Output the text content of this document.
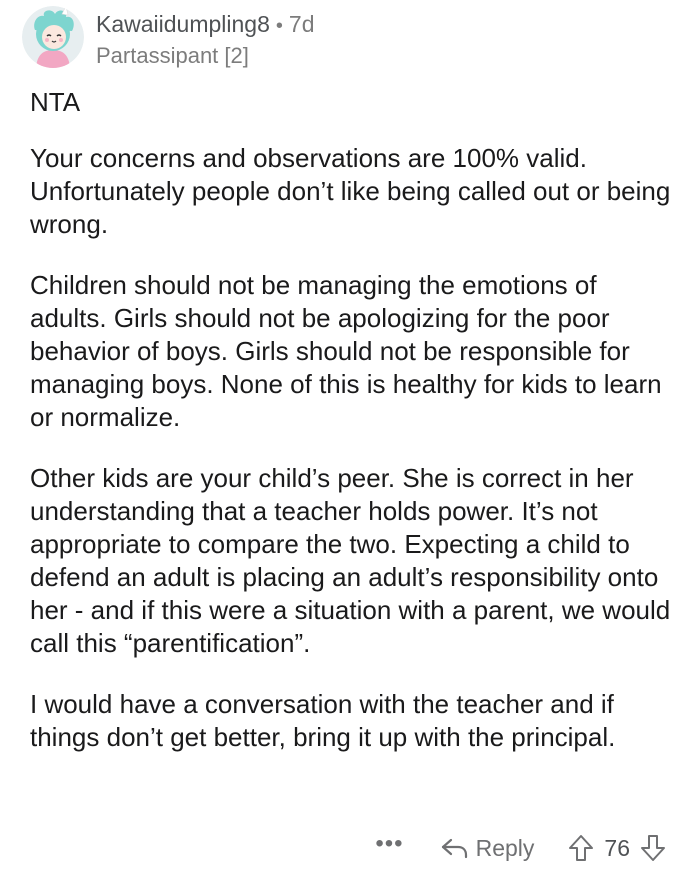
Kawaiidumpling8 • 7d
Partassipant [2]

NTA

Your concerns and observations are 100% valid. Unfortunately people don’t like being called out or being wrong.

Children should not be managing the emotions of adults. Girls should not be apologizing for the poor behavior of boys. Girls should not be responsible for managing boys. None of this is healthy for kids to learn or normalize.

Other kids are your child’s peer. She is correct in her understanding that a teacher holds power. It’s not appropriate to compare the two. Expecting a child to defend an adult is placing an adult’s responsibility onto her - and if this were a situation with a parent, we would call this “parentification”.

I would have a conversation with the teacher and if things don’t get better, bring it up with the principal.

•••	Reply	76
